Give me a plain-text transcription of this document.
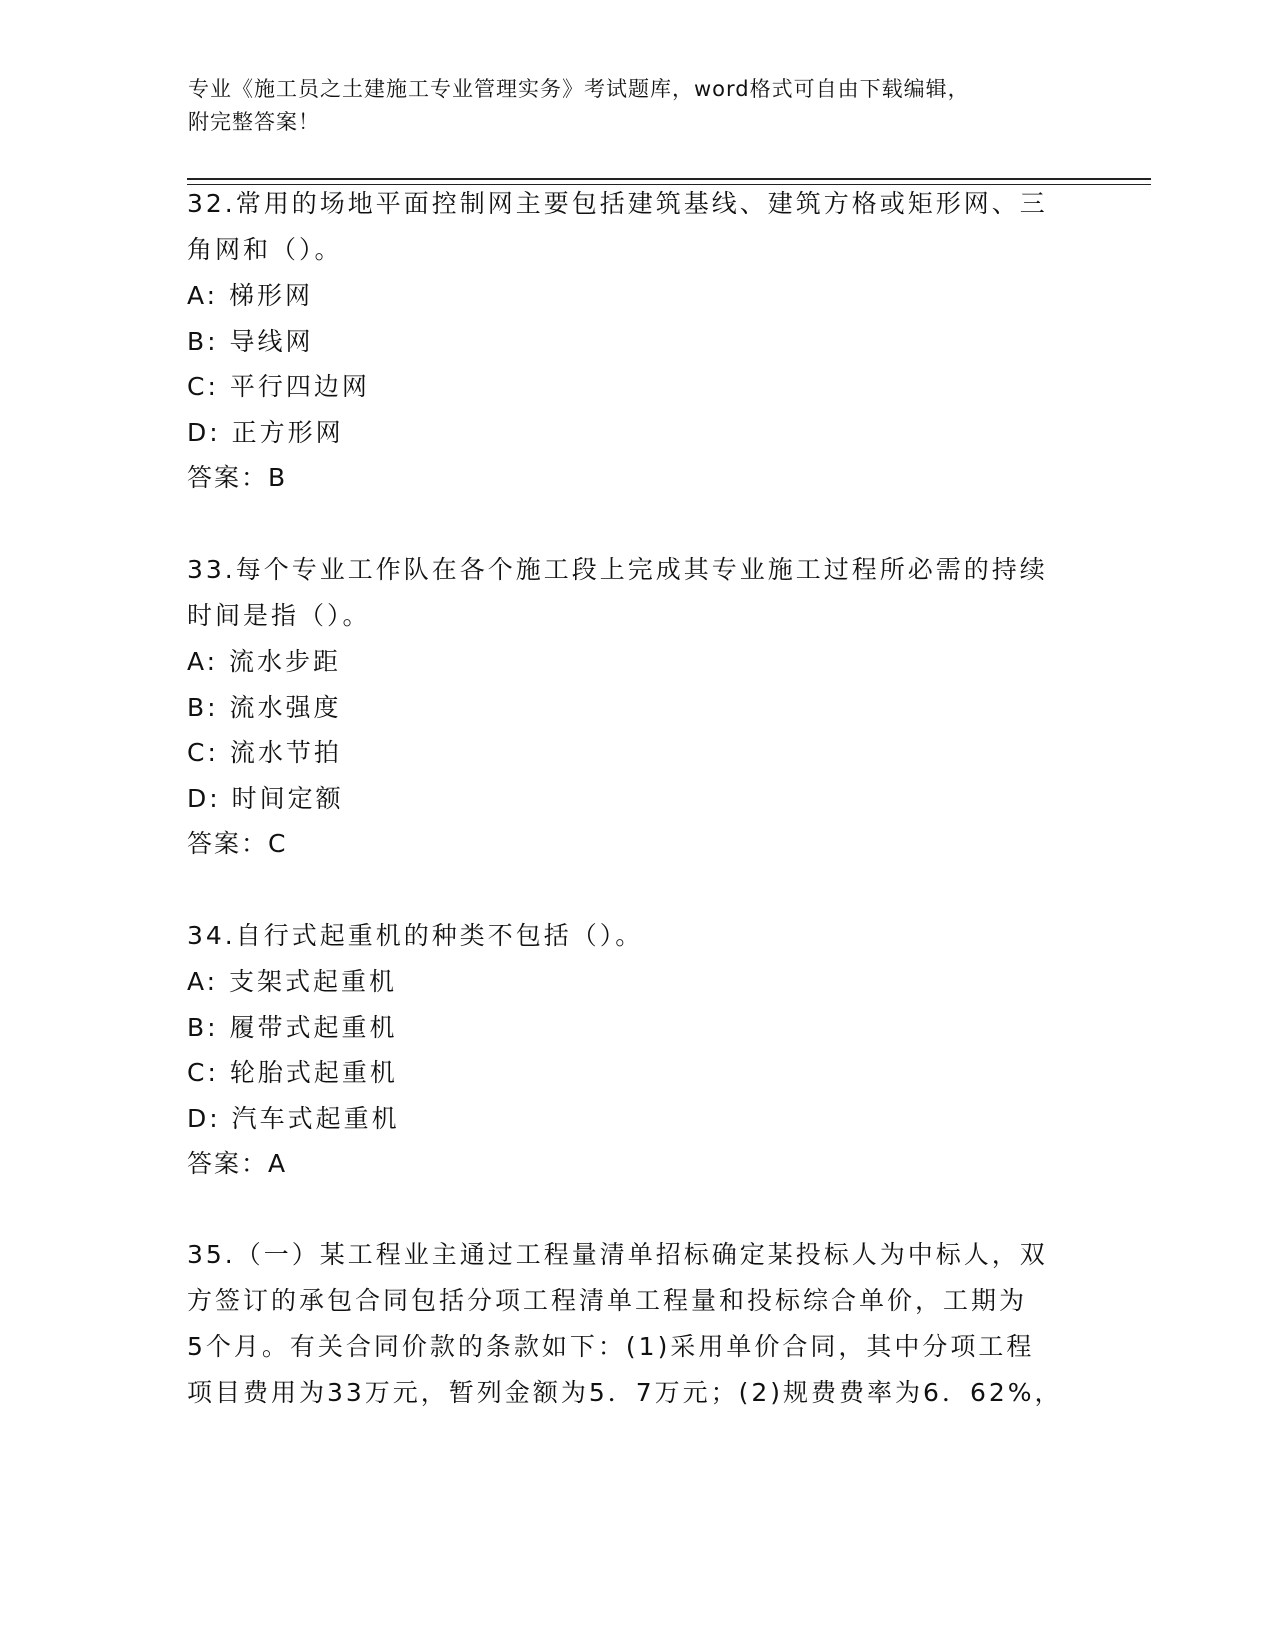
专业《施工员之土建施工专业管理实务》考试题库，word格式可自由下载编辑，
附完整答案！

32.常用的场地平面控制网主要包括建筑基线、建筑方格或矩形网、三

角网和（）。

A: 梯形网

B: 导线网

C: 平行四边网

D: 正方形网

答案：B

33.每个专业工作队在各个施工段上完成其专业施工过程所必需的持续

时间是指（）。

A: 流水步距

B: 流水强度

C: 流水节拍

D: 时间定额

答案：C

34.自行式起重机的种类不包括（）。

A: 支架式起重机

B: 履带式起重机

C: 轮胎式起重机

D: 汽车式起重机

答案：A

35.（一）某工程业主通过工程量清单招标确定某投标人为中标人，双

方签订的承包合同包括分项工程清单工程量和投标综合单价，工期为

5个月。有关合同价款的条款如下：(1)采用单价合同，其中分项工程

项目费用为33万元，暂列金额为5．7万元；(2)规费费率为6．62%，
